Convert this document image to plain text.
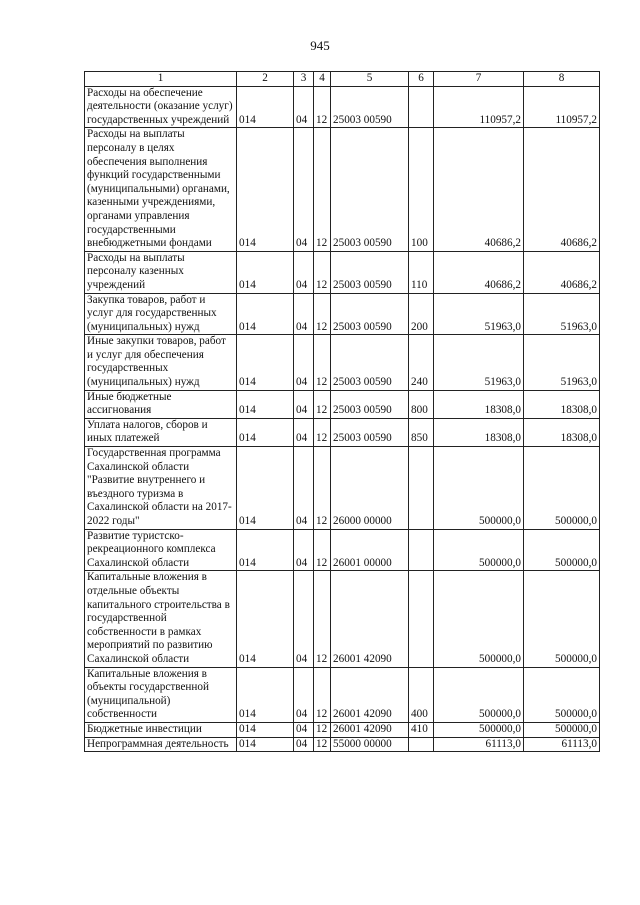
945
1	2	3	4	5	6	7	8
Расходы на обеспечение деятельности (оказание услуг) государственных учреждений	014	04	12	25003 00590		110957,2	110957,2
Расходы на выплаты персоналу в целях обеспечения выполнения функций государственными (муниципальными) органами, казенными учреждениями, органами управления государственными внебюджетными фондами	014	04	12	25003 00590	100	40686,2	40686,2
Расходы на выплаты персоналу казенных учреждений	014	04	12	25003 00590	110	40686,2	40686,2
Закупка товаров, работ и услуг для государственных (муниципальных) нужд	014	04	12	25003 00590	200	51963,0	51963,0
Иные закупки товаров, работ и услуг для обеспечения государственных (муниципальных) нужд	014	04	12	25003 00590	240	51963,0	51963,0
Иные бюджетные ассигнования	014	04	12	25003 00590	800	18308,0	18308,0
Уплата налогов, сборов и иных платежей	014	04	12	25003 00590	850	18308,0	18308,0
Государственная программа Сахалинской области "Развитие внутреннего и въездного туризма в Сахалинской области на 2017-2022 годы"	014	04	12	26000 00000		500000,0	500000,0
Развитие туристско-рекреационного комплекса Сахалинской области	014	04	12	26001 00000		500000,0	500000,0
Капитальные вложения в отдельные объекты капитального строительства в государственной собственности в рамках мероприятий по развитию Сахалинской области	014	04	12	26001 42090		500000,0	500000,0
Капитальные вложения в объекты государственной (муниципальной) собственности	014	04	12	26001 42090	400	500000,0	500000,0
Бюджетные инвестиции	014	04	12	26001 42090	410	500000,0	500000,0
Непрограммная деятельность	014	04	12	55000 00000		61113,0	61113,0
